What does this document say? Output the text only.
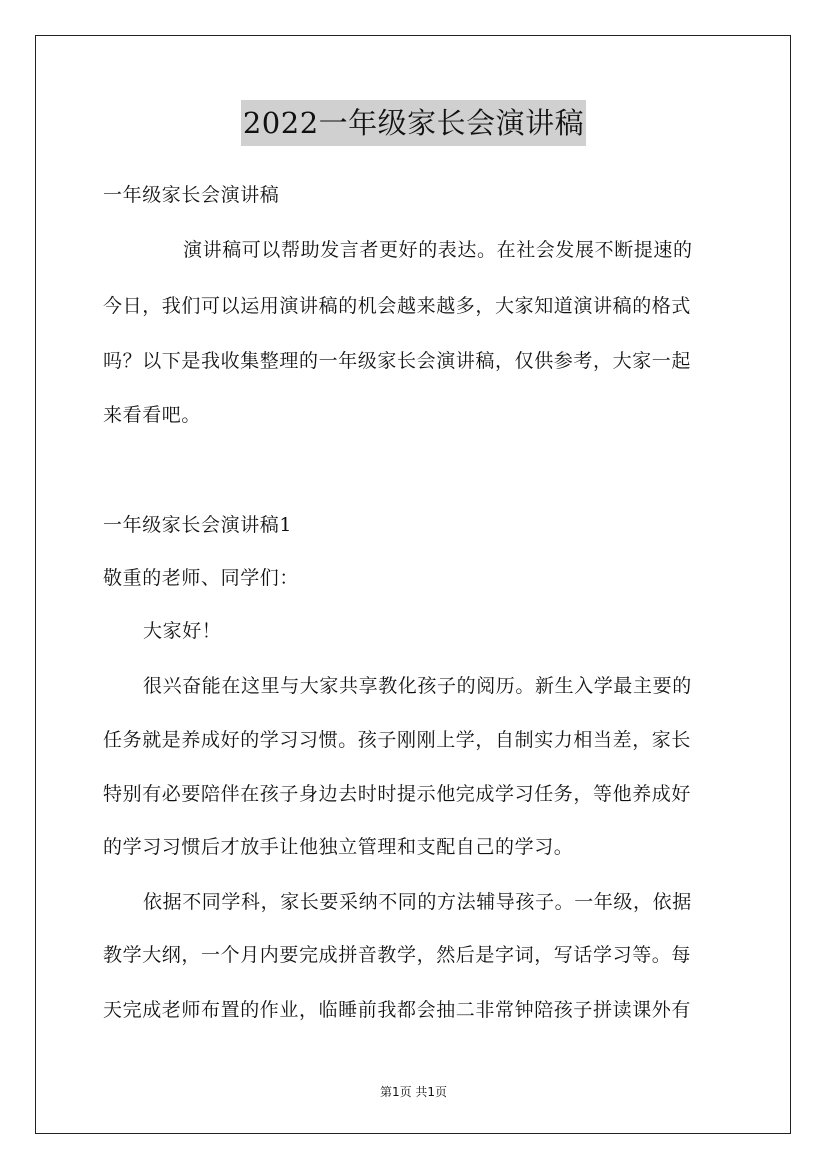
2022一年级家长会演讲稿
一年级家长会演讲稿
演讲稿可以帮助发言者更好的表达。在社会发展不断提速的
今日，我们可以运用演讲稿的机会越来越多，大家知道演讲稿的格式
吗？以下是我收集整理的一年级家长会演讲稿，仅供参考，大家一起
来看看吧。
一年级家长会演讲稿1
敬重的老师、同学们：
大家好！
很兴奋能在这里与大家共享教化孩子的阅历。新生入学最主要的
任务就是养成好的学习习惯。孩子刚刚上学，自制实力相当差，家长
特别有必要陪伴在孩子身边去时时提示他完成学习任务，等他养成好
的学习习惯后才放手让他独立管理和支配自己的学习。
依据不同学科，家长要采纳不同的方法辅导孩子。一年级，依据
教学大纲，一个月内要完成拼音教学，然后是字词，写话学习等。每
天完成老师布置的作业，临睡前我都会抽二非常钟陪孩子拼读课外有
第1页 共1页
